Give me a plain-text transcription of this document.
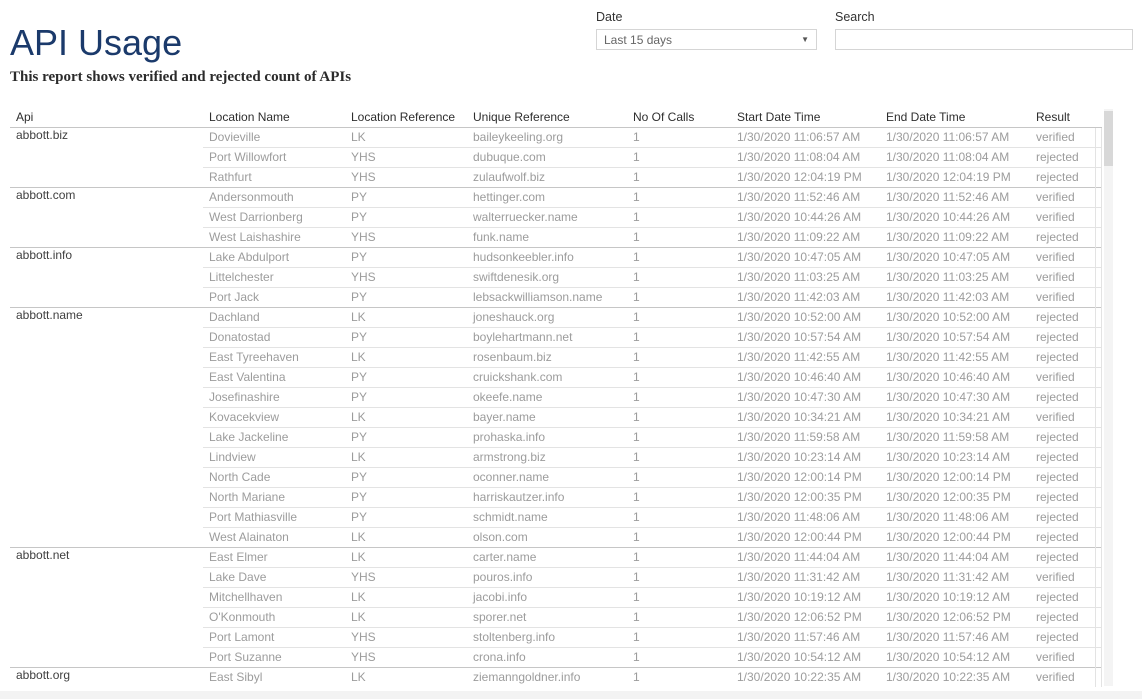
API Usage
This report shows verified and rejected count of APIs
Date
Last 15 days	▼
Search
Api	Location Name	Location Reference	Unique Reference	No Of Calls	Start Date Time	End Date Time	Result	
abbott.biz	Dovieville	LK	baileykeeling.org	1	1/30/2020 11:06:57 AM	1/30/2020 11:06:57 AM	verified	
	Port Willowfort	YHS	dubuque.com	1	1/30/2020 11:08:04 AM	1/30/2020 11:08:04 AM	rejected	
	Rathfurt	YHS	zulaufwolf.biz	1	1/30/2020 12:04:19 PM	1/30/2020 12:04:19 PM	rejected	
abbott.com	Andersonmouth	PY	hettinger.com	1	1/30/2020 11:52:46 AM	1/30/2020 11:52:46 AM	verified	
	West Darrionberg	PY	walterruecker.name	1	1/30/2020 10:44:26 AM	1/30/2020 10:44:26 AM	verified	
	West Laishashire	YHS	funk.name	1	1/30/2020 11:09:22 AM	1/30/2020 11:09:22 AM	rejected	
abbott.info	Lake Abdulport	PY	hudsonkeebler.info	1	1/30/2020 10:47:05 AM	1/30/2020 10:47:05 AM	verified	
	Littelchester	YHS	swiftdenesik.org	1	1/30/2020 11:03:25 AM	1/30/2020 11:03:25 AM	verified	
	Port Jack	PY	lebsackwilliamson.name	1	1/30/2020 11:42:03 AM	1/30/2020 11:42:03 AM	verified	
abbott.name	Dachland	LK	joneshauck.org	1	1/30/2020 10:52:00 AM	1/30/2020 10:52:00 AM	rejected	
	Donatostad	PY	boylehartmann.net	1	1/30/2020 10:57:54 AM	1/30/2020 10:57:54 AM	rejected	
	East Tyreehaven	LK	rosenbaum.biz	1	1/30/2020 11:42:55 AM	1/30/2020 11:42:55 AM	rejected	
	East Valentina	PY	cruickshank.com	1	1/30/2020 10:46:40 AM	1/30/2020 10:46:40 AM	verified	
	Josefinashire	PY	okeefe.name	1	1/30/2020 10:47:30 AM	1/30/2020 10:47:30 AM	rejected	
	Kovacekview	LK	bayer.name	1	1/30/2020 10:34:21 AM	1/30/2020 10:34:21 AM	verified	
	Lake Jackeline	PY	prohaska.info	1	1/30/2020 11:59:58 AM	1/30/2020 11:59:58 AM	rejected	
	Lindview	LK	armstrong.biz	1	1/30/2020 10:23:14 AM	1/30/2020 10:23:14 AM	rejected	
	North Cade	PY	oconner.name	1	1/30/2020 12:00:14 PM	1/30/2020 12:00:14 PM	rejected	
	North Mariane	PY	harriskautzer.info	1	1/30/2020 12:00:35 PM	1/30/2020 12:00:35 PM	rejected	
	Port Mathiasville	PY	schmidt.name	1	1/30/2020 11:48:06 AM	1/30/2020 11:48:06 AM	rejected	
	West Alainaton	LK	olson.com	1	1/30/2020 12:00:44 PM	1/30/2020 12:00:44 PM	rejected	
abbott.net	East Elmer	LK	carter.name	1	1/30/2020 11:44:04 AM	1/30/2020 11:44:04 AM	rejected	
	Lake Dave	YHS	pouros.info	1	1/30/2020 11:31:42 AM	1/30/2020 11:31:42 AM	verified	
	Mitchellhaven	LK	jacobi.info	1	1/30/2020 10:19:12 AM	1/30/2020 10:19:12 AM	rejected	
	O'Konmouth	LK	sporer.net	1	1/30/2020 12:06:52 PM	1/30/2020 12:06:52 PM	rejected	
	Port Lamont	YHS	stoltenberg.info	1	1/30/2020 11:57:46 AM	1/30/2020 11:57:46 AM	rejected	
	Port Suzanne	YHS	crona.info	1	1/30/2020 10:54:12 AM	1/30/2020 10:54:12 AM	verified	
abbott.org	East Sibyl	LK	ziemanngoldner.info	1	1/30/2020 10:22:35 AM	1/30/2020 10:22:35 AM	verified	
